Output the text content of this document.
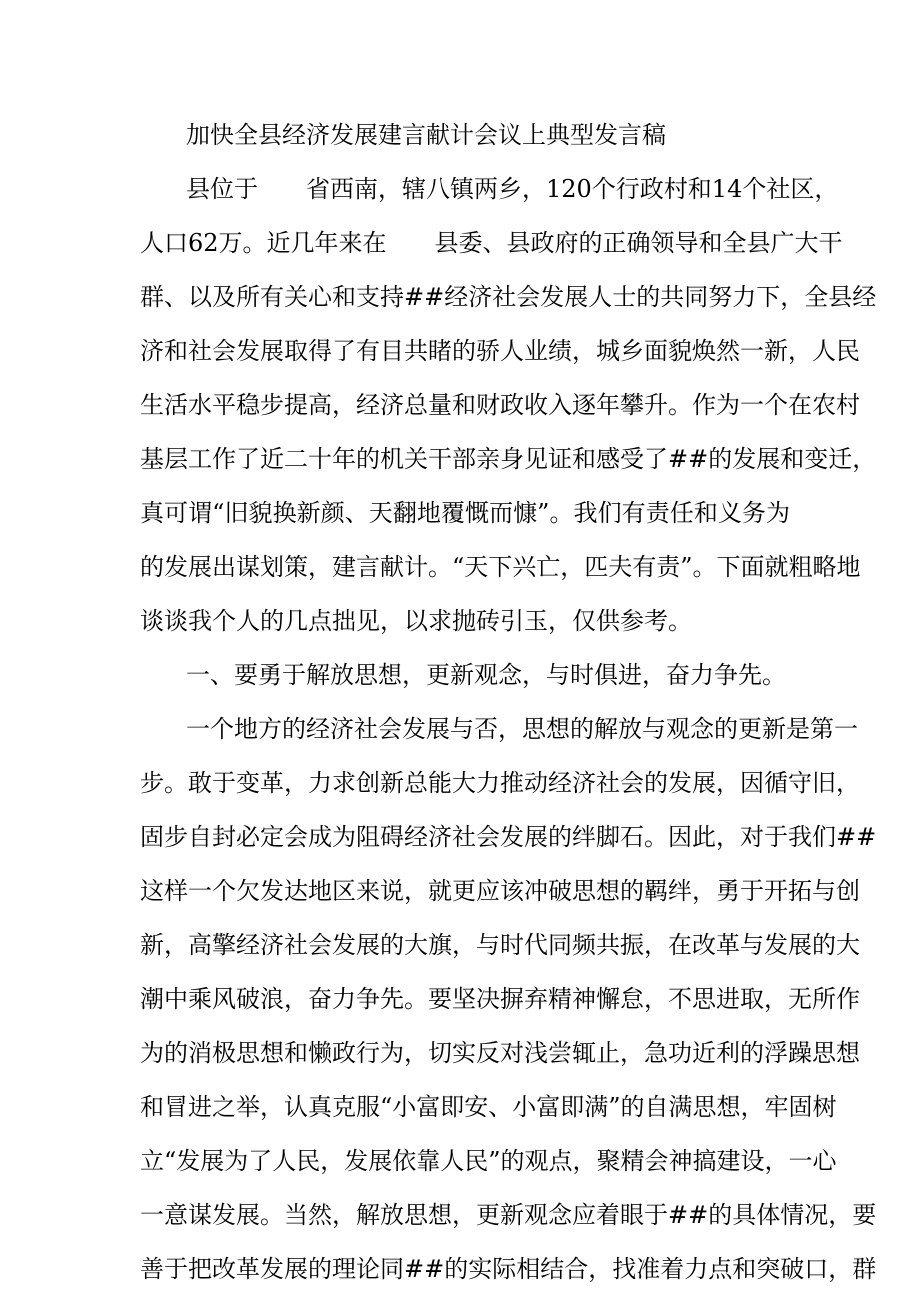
加快全县经济发展建言献计会议上典型发言稿
县位于　　省西南，辖八镇两乡，120个行政村和14个社区，
人口62万。近几年来在　　县委、县政府的正确领导和全县广大干
群、以及所有关心和支持##经济社会发展人士的共同努力下，全县经
济和社会发展取得了有目共睹的骄人业绩，城乡面貌焕然一新，人民
生活水平稳步提高，经济总量和财政收入逐年攀升。作为一个在农村
基层工作了近二十年的机关干部亲身见证和感受了##的发展和变迁，
真可谓“旧貌换新颜、天翻地覆慨而慷”。我们有责任和义务为
的发展出谋划策，建言献计。“天下兴亡，匹夫有责”。下面就粗略地
谈谈我个人的几点拙见，以求抛砖引玉，仅供参考。
一、要勇于解放思想，更新观念，与时俱进，奋力争先。
一个地方的经济社会发展与否，思想的解放与观念的更新是第一
步。敢于变革，力求创新总能大力推动经济社会的发展，因循守旧，
固步自封必定会成为阻碍经济社会发展的绊脚石。因此，对于我们##
这样一个欠发达地区来说，就更应该冲破思想的羁绊，勇于开拓与创
新，高擎经济社会发展的大旗，与时代同频共振，在改革与发展的大
潮中乘风破浪，奋力争先。要坚决摒弃精神懈怠，不思进取，无所作
为的消极思想和懒政行为，切实反对浅尝辄止，急功近利的浮躁思想
和冒进之举，认真克服“小富即安、小富即满”的自满思想，牢固树
立“发展为了人民，发展依靠人民”的观点，聚精会神搞建设，一心
一意谋发展。当然，解放思想，更新观念应着眼于##的具体情况，要
善于把改革发展的理论同##的实际相结合，找准着力点和突破口，群
